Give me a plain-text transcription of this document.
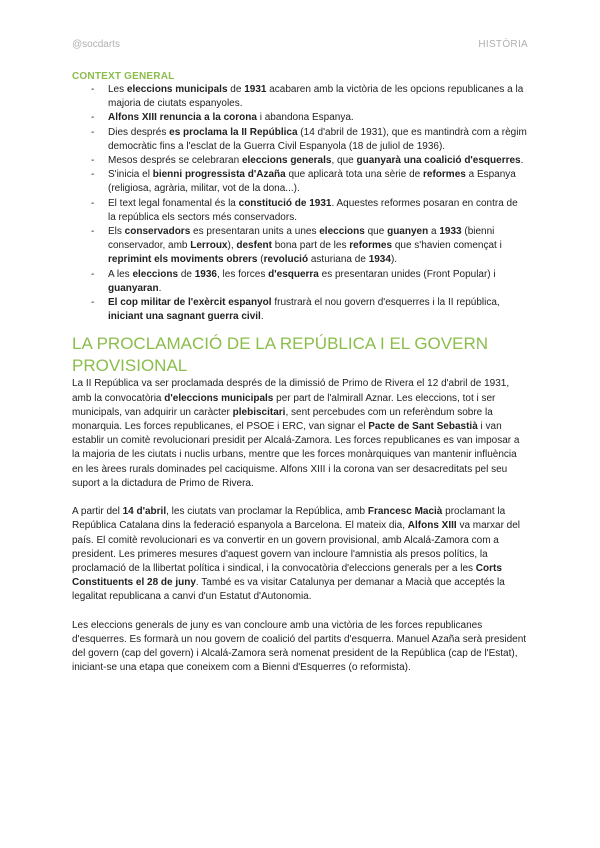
@socdarts	HISTÒRIA

CONTEXT GENERAL

- Les eleccions municipals de 1931 acabaren amb la victòria de les opcions republicanes a la majoria de ciutats espanyoles.
- Alfons XIII renuncia a la corona i abandona Espanya.
- Dies després es proclama la II República (14 d'abril de 1931), que es mantindrà com a règim democràtic fins a l'esclat de la Guerra Civil Espanyola (18 de juliol de 1936).
- Mesos després se celebraran eleccions generals, que guanyarà una coalició d'esquerres.
- S'inicia el bienni progressista d'Azaña que aplicarà tota una sèrie de reformes a Espanya (religiosa, agrària, militar, vot de la dona...).
- El text legal fonamental és la constitució de 1931. Aquestes reformes posaran en contra de la república els sectors més conservadors.
- Els conservadors es presentaran units a unes eleccions que guanyen a 1933 (bienni conservador, amb Lerroux), desfent bona part de les reformes que s'havien començat i reprimint els moviments obrers (revolució asturiana de 1934).
- A les eleccions de 1936, les forces d'esquerra es presentaran unides (Front Popular) i guanyaran.
- El cop militar de l'exèrcit espanyol frustrarà el nou govern d'esquerres i la II república, iniciant una sagnant guerra civil.
LA PROCLAMACIÓ DE LA REPÚBLICA I EL GOVERN PROVISIONAL

La II República va ser proclamada després de la dimissió de Primo de Rivera el 12 d'abril de 1931, amb la convocatòria d'eleccions municipals per part de l'almirall Aznar. Les eleccions, tot i ser municipals, van adquirir un caràcter plebiscitari, sent percebudes com un referèndum sobre la monarquia. Les forces republicanes, el PSOE i ERC, van signar el Pacte de Sant Sebastià i van establir un comitè revolucionari presidit per Alcalá-Zamora. Les forces republicanes es van imposar a la majoria de les ciutats i nuclis urbans, mentre que les forces monàrquiques van mantenir influència en les àrees rurals dominades pel caciquisme. Alfons XIII i la corona van ser desacreditats pel seu suport a la dictadura de Primo de Rivera.

A partir del 14 d'abril, les ciutats van proclamar la República, amb Francesc Macià proclamant la República Catalana dins la federació espanyola a Barcelona. El mateix dia, Alfons XIII va marxar del país. El comitè revolucionari es va convertir en un govern provisional, amb Alcalá-Zamora com a president. Les primeres mesures d'aquest govern van incloure l'amnistia als presos polítics, la proclamació de la llibertat política i sindical, i la convocatòria d'eleccions generals per a les Corts Constituents el 28 de juny. També es va visitar Catalunya per demanar a Macià que acceptés la legalitat republicana a canvi d'un Estatut d'Autonomia.

Les eleccions generals de juny es van concloure amb una victòria de les forces republicanes d'esquerres. Es formarà un nou govern de coalició del partits d'esquerra. Manuel Azaña serà president del govern (cap del govern) i Alcalá-Zamora serà nomenat president de la República (cap de l'Estat), iniciant-se una etapa que coneixem com a Bienni d'Esquerres (o reformista).
